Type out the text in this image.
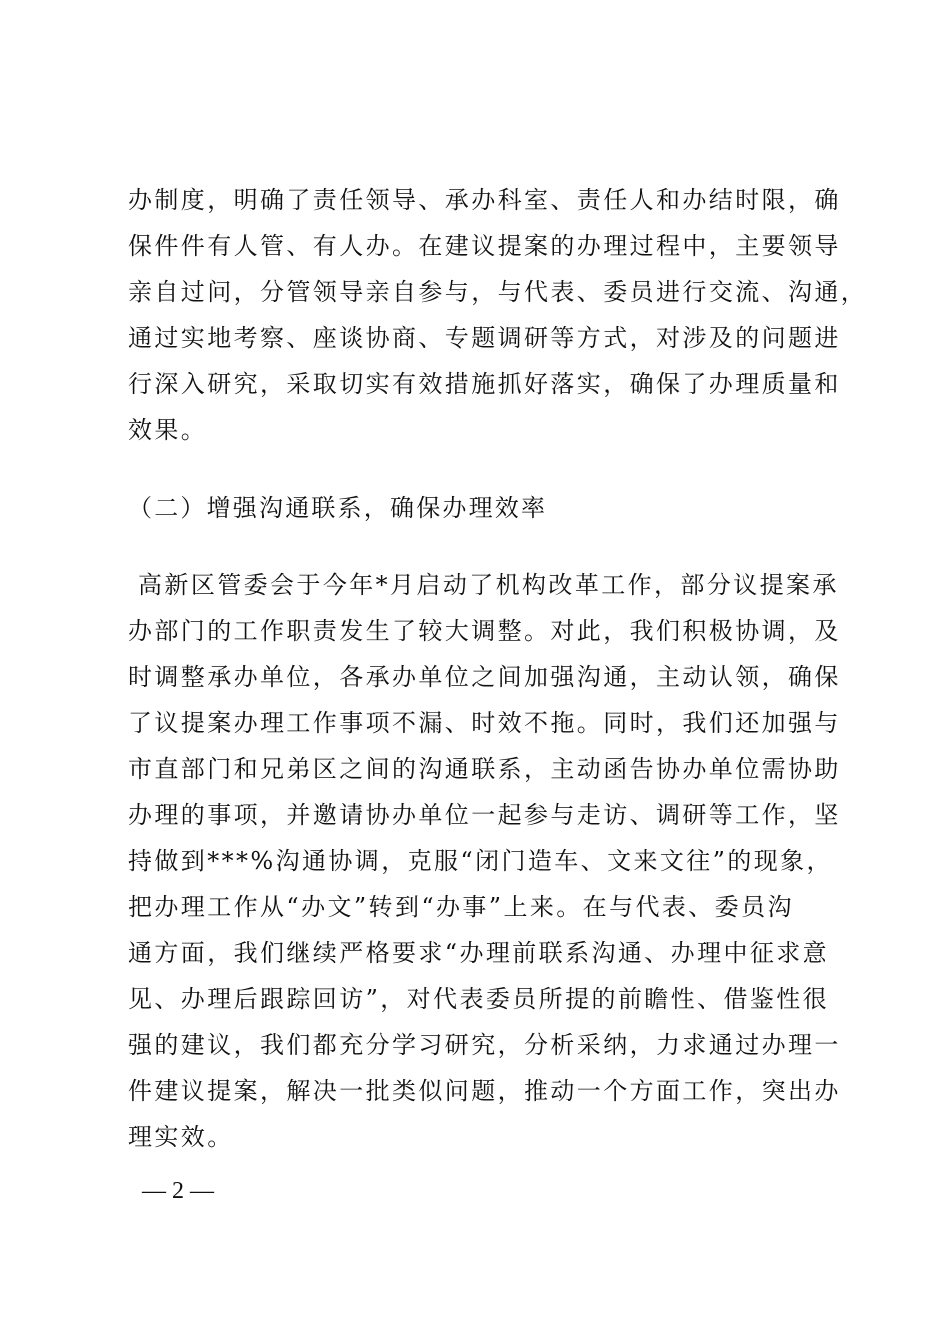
办制度，明确了责任领导、承办科室、责任人和办结时限，确
保件件有人管、有人办。在建议提案的办理过程中，主要领导
亲自过问，分管领导亲自参与，与代表、委员进行交流、沟通，
通过实地考察、座谈协商、专题调研等方式，对涉及的问题进
行深入研究，采取切实有效措施抓好落实，确保了办理质量和
效果。
（二）增强沟通联系，确保办理效率
高新区管委会于今年*月启动了机构改革工作，部分议提案承
办部门的工作职责发生了较大调整。对此，我们积极协调，及
时调整承办单位，各承办单位之间加强沟通，主动认领，确保
了议提案办理工作事项不漏、时效不拖。同时，我们还加强与
市直部门和兄弟区之间的沟通联系，主动函告协办单位需协助
办理的事项，并邀请协办单位一起参与走访、调研等工作，坚
持做到***%沟通协调，克服“闭门造车、文来文往”的现象，
把办理工作从“办文”转到“办事”上来。在与代表、委员沟
通方面，我们继续严格要求“办理前联系沟通、办理中征求意
见、办理后跟踪回访”，对代表委员所提的前瞻性、借鉴性很
强的建议，我们都充分学习研究，分析采纳，力求通过办理一
件建议提案，解决一批类似问题，推动一个方面工作，突出办
理实效。
— 2 —
